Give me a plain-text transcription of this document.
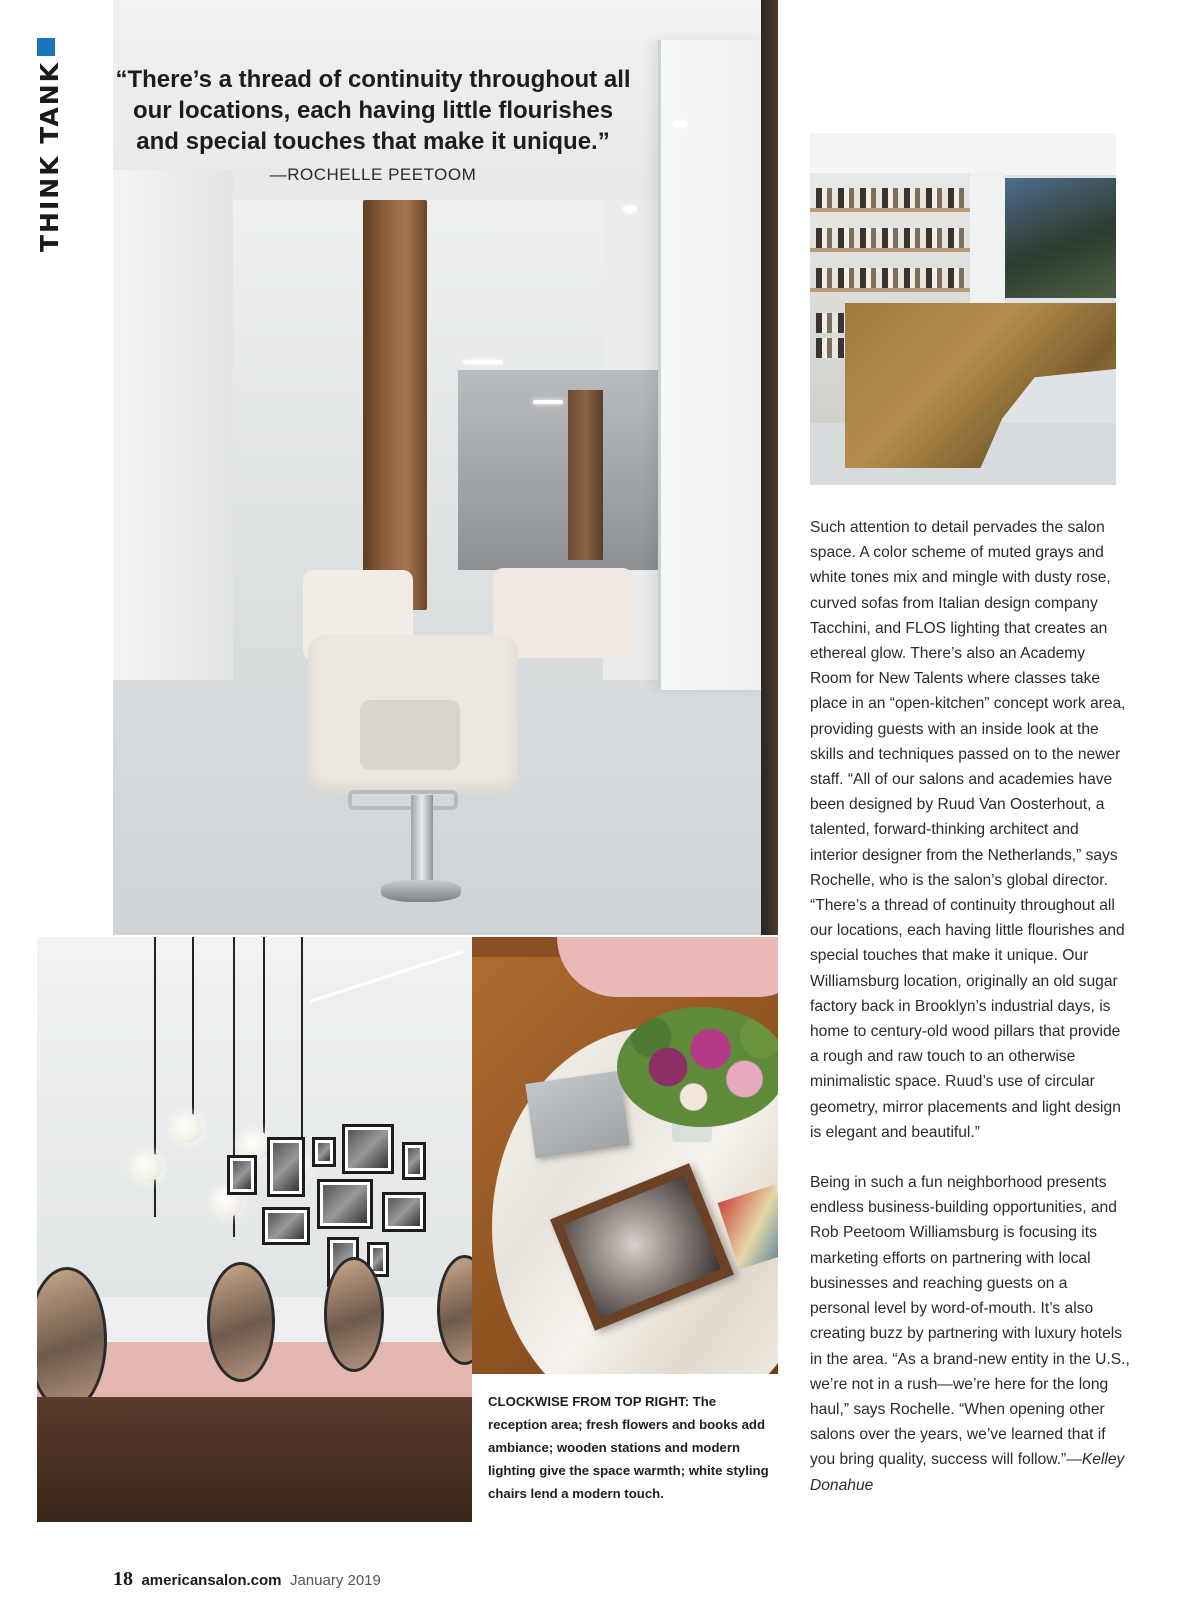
THINK TANK “There’s a thread of continuity throughout all our locations, each having little flourishes and special touches that make it unique.”
—ROCHELLE PEETOOM

Such attention to detail pervades the salon space. A color scheme of muted grays and white tones mix and mingle with dusty rose, curved sofas from Italian design company Tacchini, and FLOS lighting that creates an ethereal glow. There’s also an Academy Room for New Talents where classes take place in an “open-kitchen” concept work area, providing guests with an inside look at the skills and techniques passed on to the newer staff. “All of our salons and academies have been designed by Ruud Van Oosterhout, a talented, forward-thinking architect and interior designer from the Netherlands,” says Rochelle, who is the salon’s global director. “There’s a thread of continuity throughout all our locations, each having little flourishes and special touches that make it unique. Our Williamsburg location, originally an old sugar factory back in Brooklyn’s industrial days, is home to century-old wood pillars that provide a rough and raw touch to an otherwise minimalistic space. Ruud’s use of circular geometry, mirror placements and light design is elegant and beautiful.”

Being in such a fun neighborhood presents endless business-building opportunities, and Rob Peetoom Williamsburg is focusing its marketing efforts on partnering with local businesses and reaching guests on a personal level by word-of-mouth. It’s also creating buzz by partnering with luxury hotels in the area. “As a brand-new entity in the U.S., we’re not in a rush—we’re here for the long haul,” says Rochelle. “When opening other salons over the years, we’ve learned that if you bring quality, success will follow.”—Kelley Donahue

CLOCKWISE FROM TOP RIGHT: The reception area; fresh flowers and books add ambiance; wooden stations and modern lighting give the space warmth; white styling chairs lend a modern touch.
18 americansalon.com January 2019
